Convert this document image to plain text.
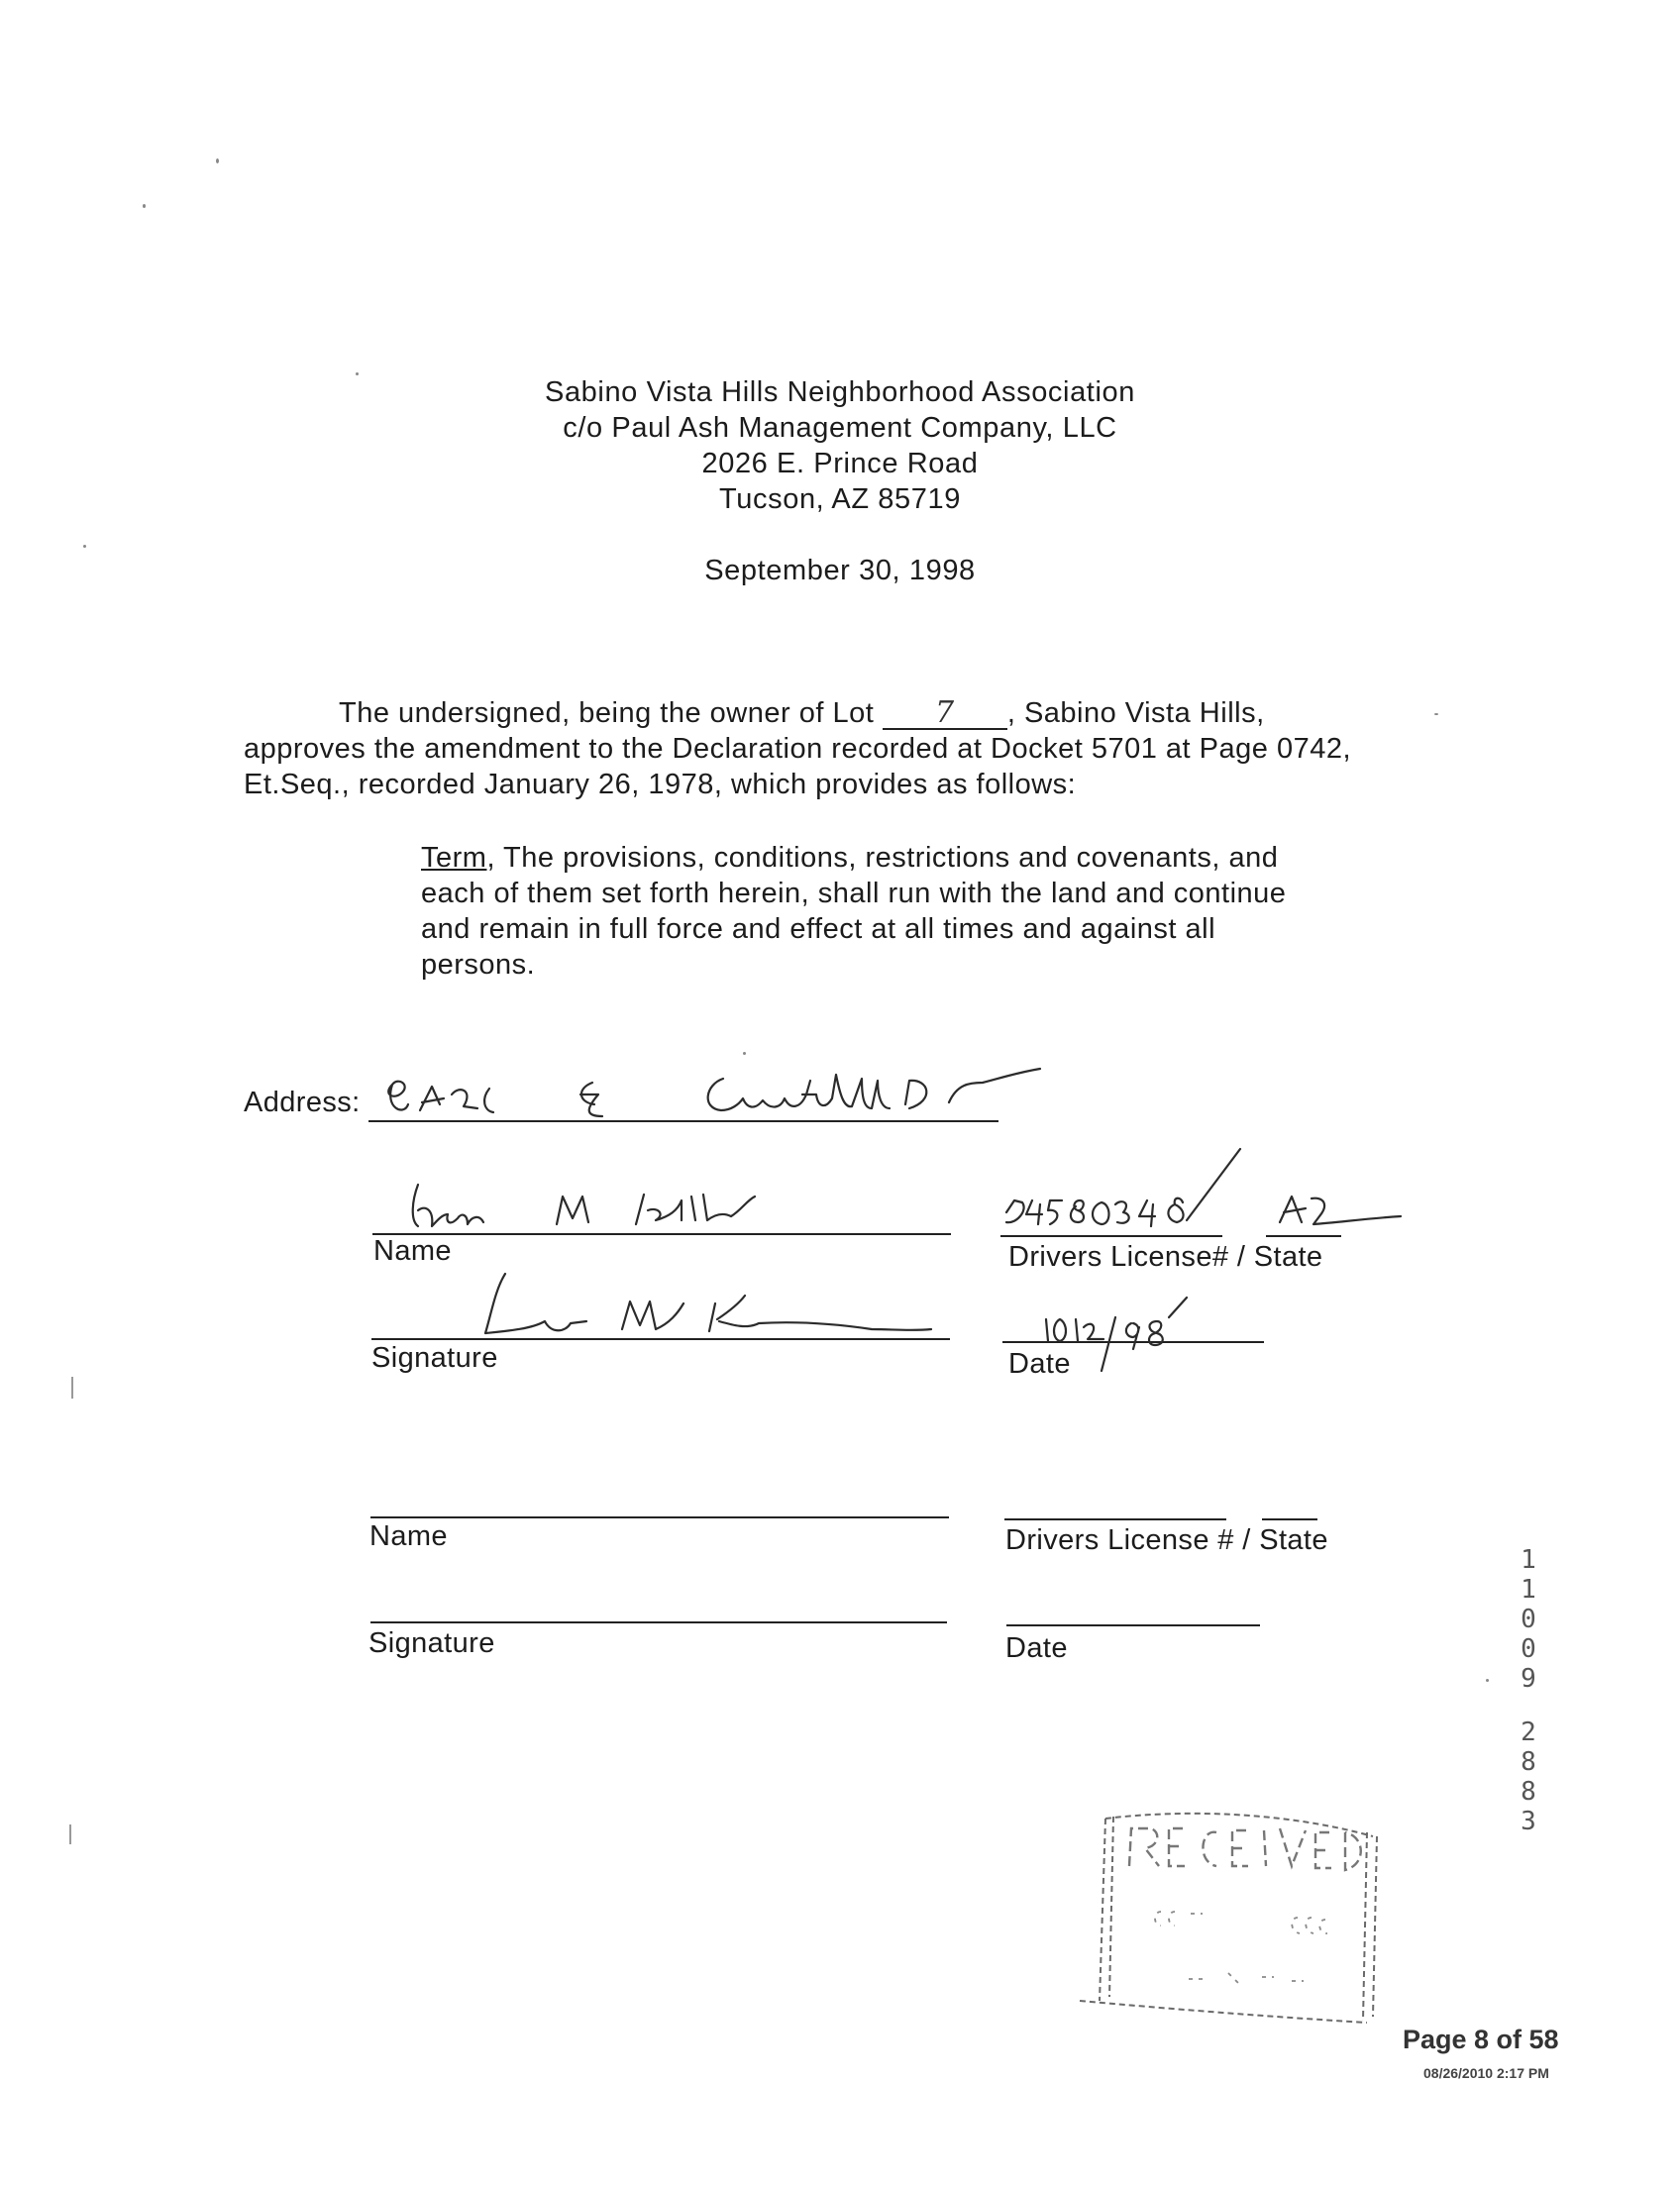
Sabino Vista Hills Neighborhood Association
c/o Paul Ash Management Company, LLC
2026 E. Prince Road
Tucson, AZ 85719
September 30, 1998
The undersigned, being the owner of Lot 7 , Sabino Vista Hills, approves the amendment to the Declaration recorded at Docket 5701 at Page 0742, Et.Seq., recorded January 26, 1978, which provides as follows:
Term, The provisions, conditions, restrictions and covenants, and each of them set forth herein, shall run with the land and continue and remain in full force and effect at all times and against all persons.
Address:
Name	Drivers License# / State
Signature	Date
Name	Drivers License # / State
Signature	Date
1
1
0
0
9
2
8
8
3
Page 8 of 58
08/26/2010 2:17 PM
